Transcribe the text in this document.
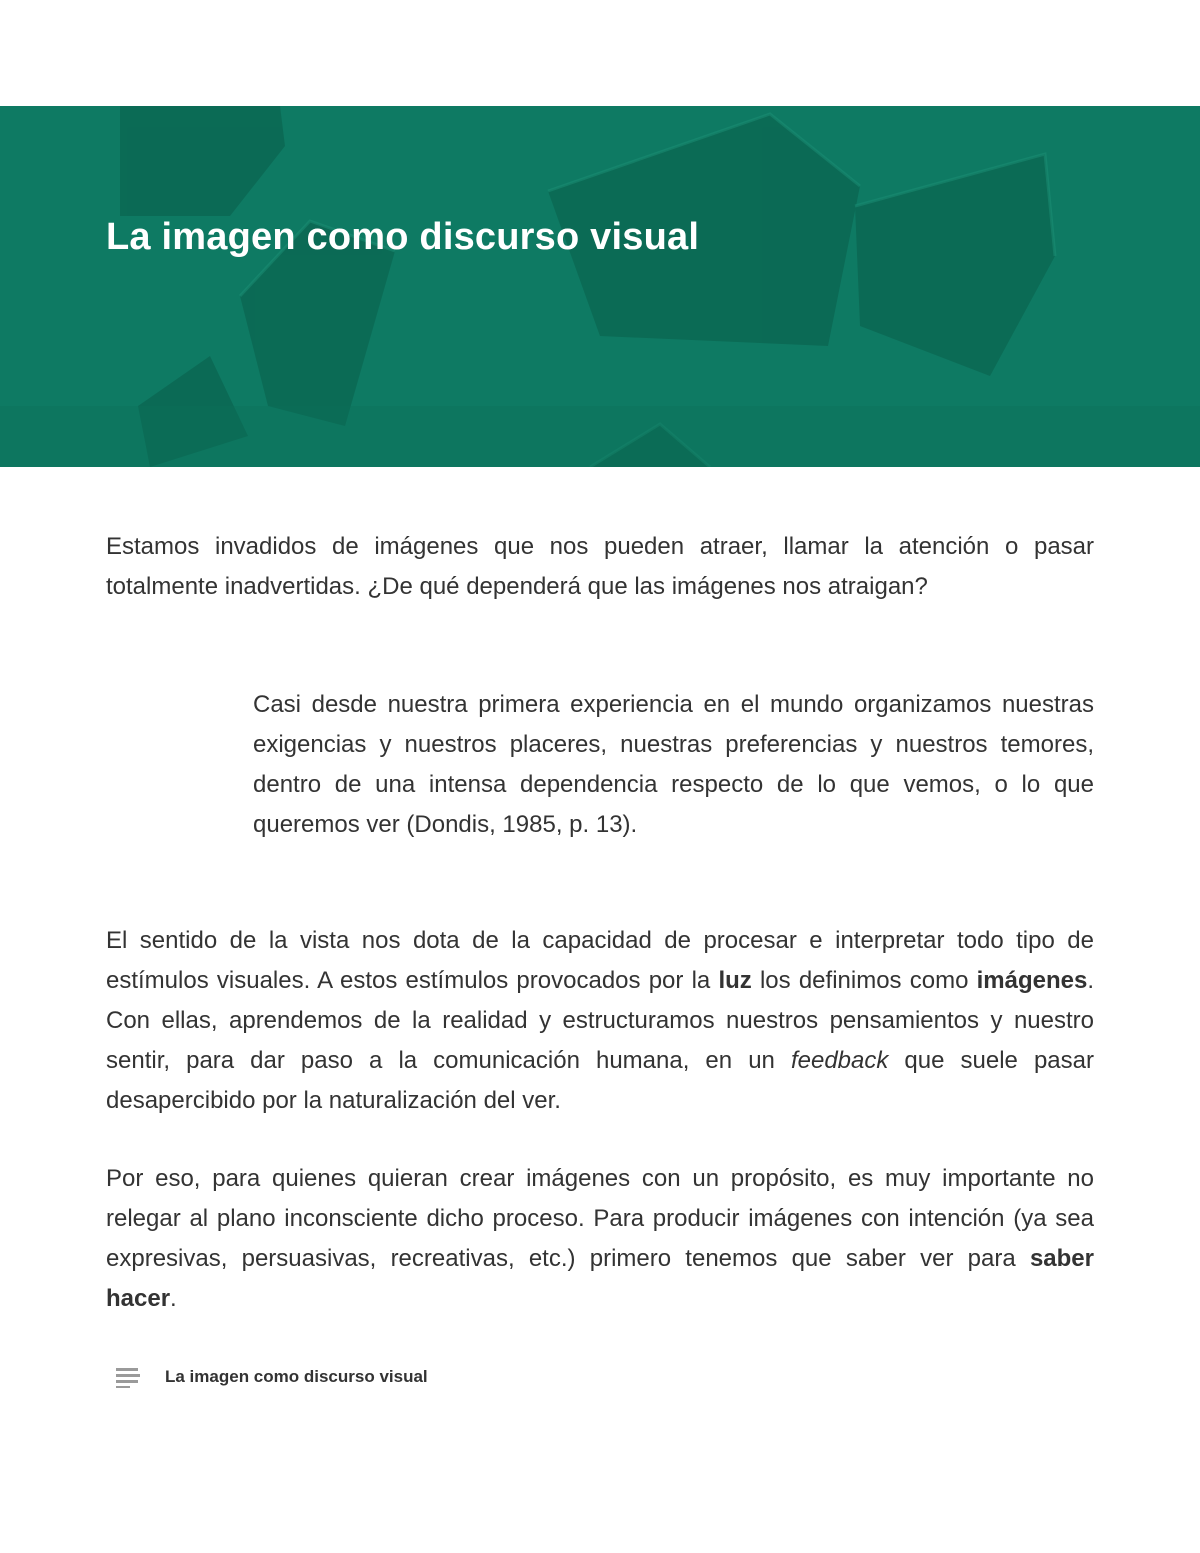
La imagen como discurso visual

Estamos invadidos de imágenes que nos pueden atraer, llamar la atención o pasar totalmente inadvertidas. ¿De qué dependerá que las imágenes nos atraigan?

Casi desde nuestra primera experiencia en el mundo organizamos nuestras exigencias y nuestros placeres, nuestras preferencias y nuestros temores, dentro de una intensa dependencia respecto de lo que vemos, o lo que queremos ver (Dondis, 1985, p. 13).

El sentido de la vista nos dota de la capacidad de procesar e interpretar todo tipo de estímulos visuales. A estos estímulos provocados por la luz los definimos como imágenes. Con ellas, aprendemos de la realidad y estructuramos nuestros pensamientos y nuestro sentir, para dar paso a la comunicación humana, en un feedback que suele pasar desapercibido por la naturalización del ver.

Por eso, para quienes quieran crear imágenes con un propósito, es muy importante no relegar al plano inconsciente dicho proceso. Para producir imágenes con intención (ya sea expresivas, persuasivas, recreativas, etc.) primero tenemos que saber ver para saber hacer.

La imagen como discurso visual
